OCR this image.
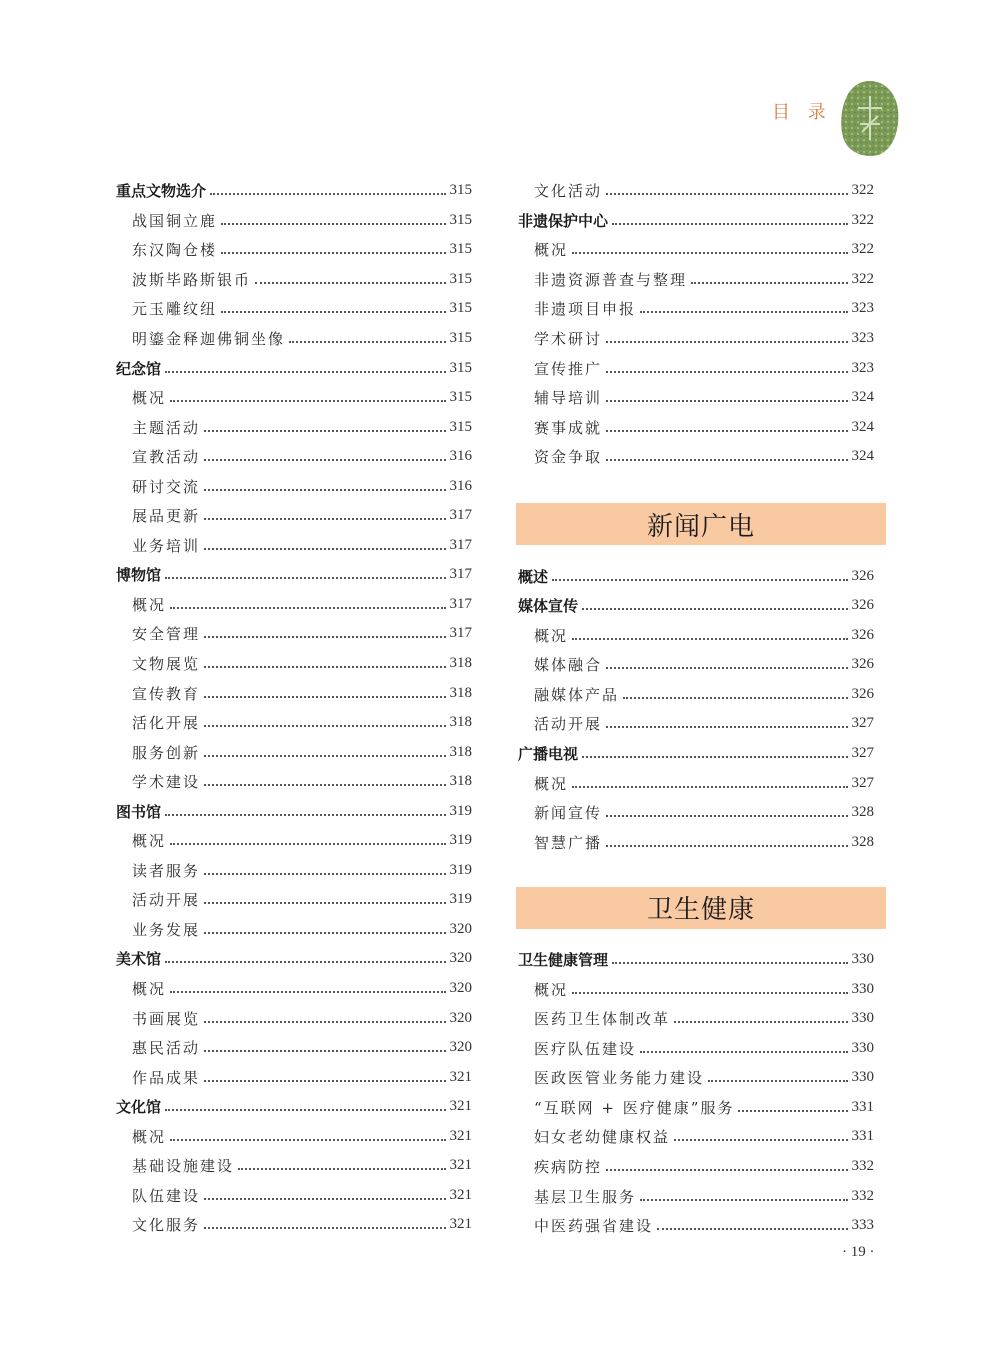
目 录
重点文物选介	315
战国铜立鹿	315
东汉陶仓楼	315
波斯毕路斯银币	315
元玉雕纹纽	315
明鎏金释迦佛铜坐像	315
纪念馆	315
概况	315
主题活动	315
宣教活动	316
研讨交流	316
展品更新	317
业务培训	317
博物馆	317
概况	317
安全管理	317
文物展览	318
宣传教育	318
活化开展	318
服务创新	318
学术建设	318
图书馆	319
概况	319
读者服务	319
活动开展	319
业务发展	320
美术馆	320
概况	320
书画展览	320
惠民活动	320
作品成果	321
文化馆	321
概况	321
基础设施建设	321
队伍建设	321
文化服务	321
文化活动	322
非遗保护中心	322
概况	322
非遗资源普查与整理	322
非遗项目申报	323
学术研讨	323
宣传推广	323
辅导培训	324
赛事成就	324
资金争取	324
新闻广电
概述	326
媒体宣传	326
概况	326
媒体融合	326
融媒体产品	326
活动开展	327
广播电视	327
概况	327
新闻宣传	328
智慧广播	328
卫生健康
卫生健康管理	330
概况	330
医药卫生体制改革	330
医疗队伍建设	330
医政医管业务能力建设	330
“互联网 + 医疗健康”服务	331
妇女老幼健康权益	331
疾病防控	332
基层卫生服务	332
中医药强省建设	333
· 19 ·
